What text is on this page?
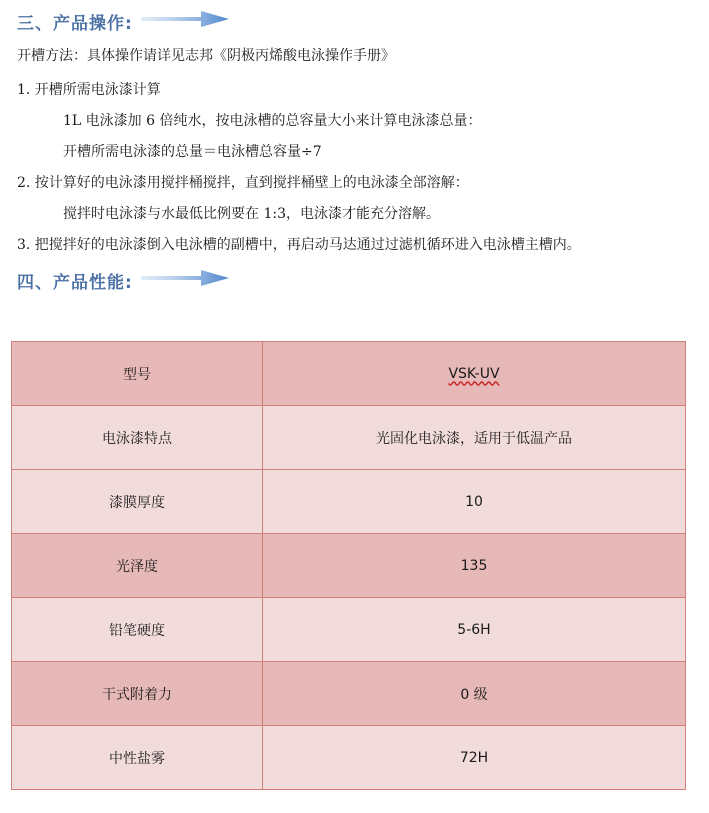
三、产品操作:
开槽方法：具体操作请详见志邦《阴极丙烯酸电泳操作手册》
1. 开槽所需电泳漆计算
1L 电泳漆加 6 倍纯水，按电泳槽的总容量大小来计算电泳漆总量：
开槽所需电泳漆的总量＝电泳槽总容量÷7
2. 按计算好的电泳漆用搅拌桶搅拌，直到搅拌桶壁上的电泳漆全部溶解：
搅拌时电泳漆与水最低比例要在 1:3，电泳漆才能充分溶解。
3. 把搅拌好的电泳漆倒入电泳槽的副槽中，再启动马达通过过滤机循环进入电泳槽主槽内。
四、产品性能:
型号	VSK-UV
电泳漆特点	光固化电泳漆，适用于低温产品
漆膜厚度	10
光泽度	135
铅笔硬度	5-6H
干式附着力	0 级
中性盐雾	72H
